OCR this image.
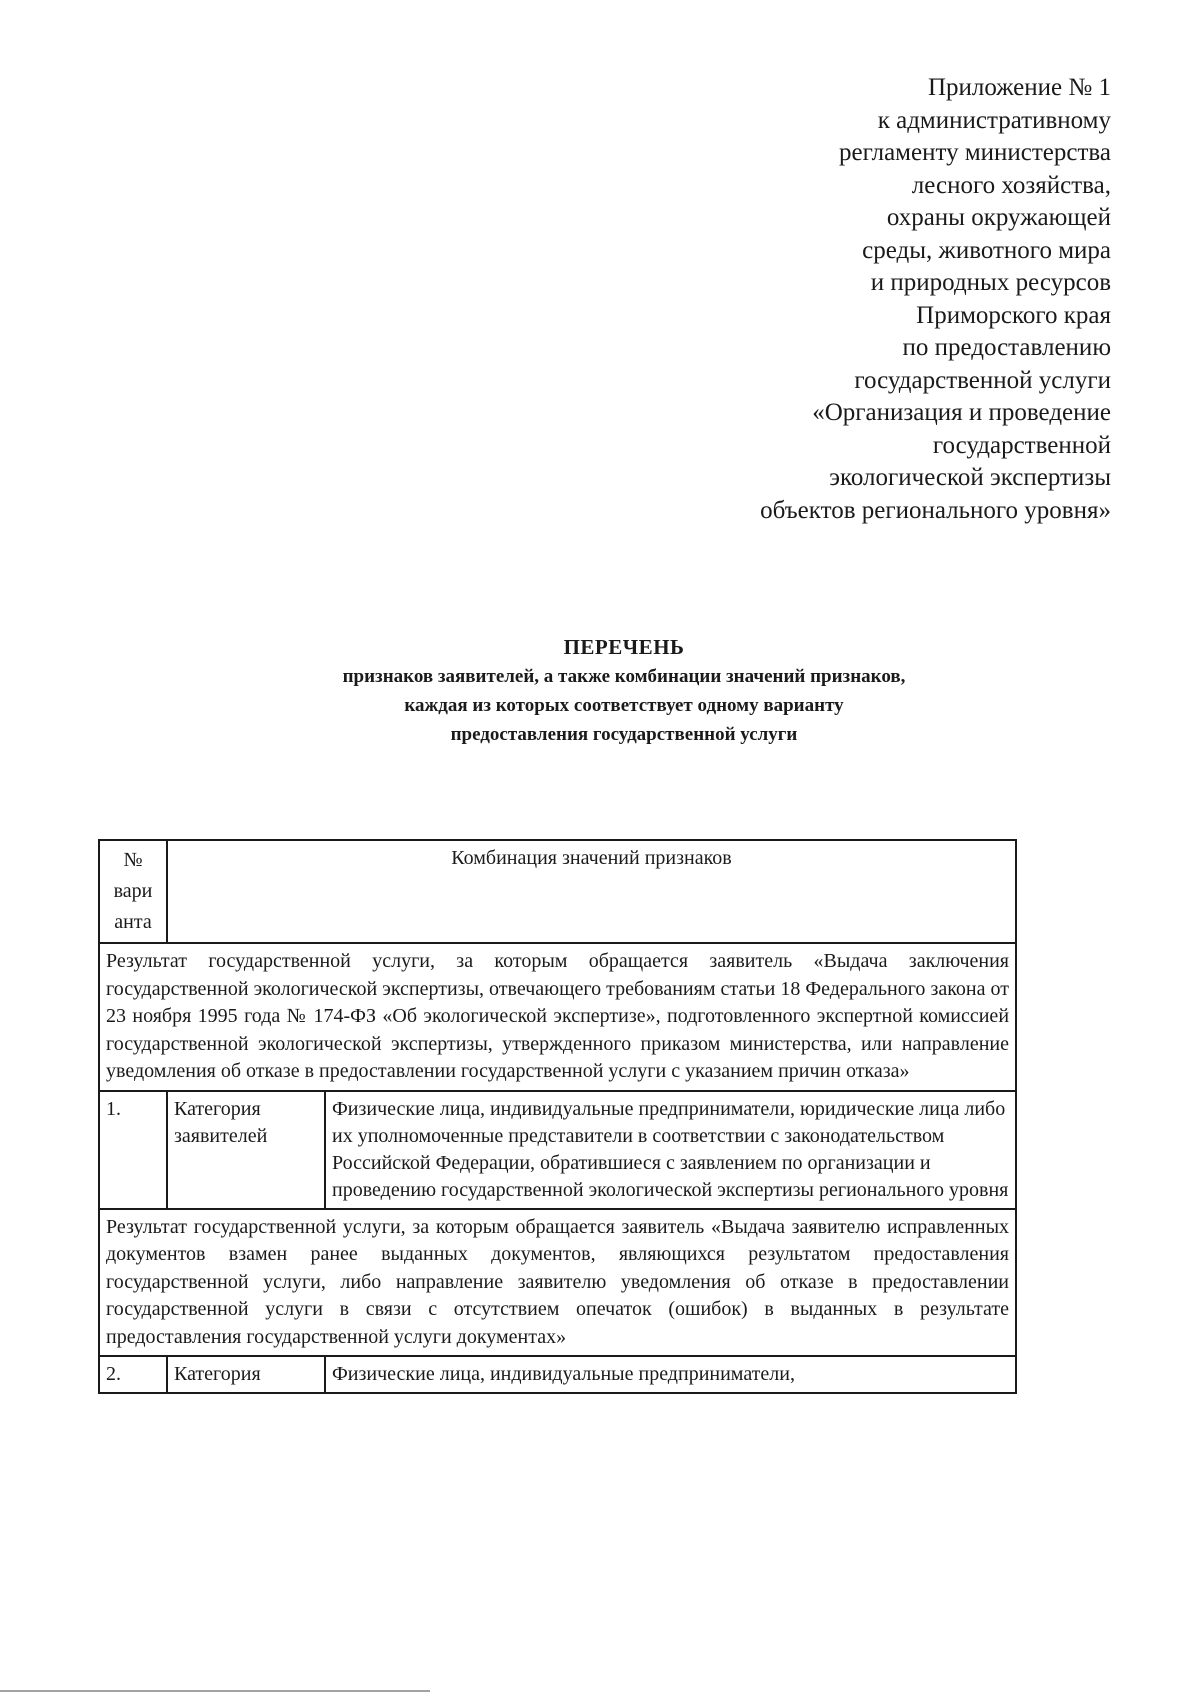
Приложение № 1
к административному
регламенту министерства
лесного хозяйства,
охраны окружающей
среды, животного мира
и природных ресурсов
Приморского края
по предоставлению
государственной услуги
«Организация и проведение
государственной
экологической экспертизы
объектов регионального уровня»
ПЕРЕЧЕНЬ
признаков заявителей, а также комбинации значений признаков,
каждая из которых соответствует одному варианту
предоставления государственной услуги
№ вари анта	Комбинация значений признаков	
Результат государственной услуги, за которым обращается заявитель «Выдача заключения государственной экологической экспертизы, отвечающего требованиям статьи 18 Федерального закона от 23 ноября 1995 года № 174-ФЗ «Об экологической экспертизе», подготовленного экспертной комиссией государственной экологической экспертизы, утвержденного приказом министерства, или направление уведомления об отказе в предоставлении государственной услуги с указанием причин отказа»		
1.	Категория заявителей	Физические лица, индивидуальные предприниматели, юридические лица либо их уполномоченные представители в соответствии с законодательством Российской Федерации, обратившиеся с заявлением по организации и проведению государственной экологической экспертизы регионального уровня
Результат государственной услуги, за которым обращается заявитель «Выдача заявителю исправленных документов взамен ранее выданных документов, являющихся результатом предоставления государственной услуги, либо направление заявителю уведомления об отказе в предоставлении государственной услуги в связи с отсутствием опечаток (ошибок) в выданных в результате предоставления государственной услуги документах»		
2.	Категория	Физические лица, индивидуальные предприниматели,
